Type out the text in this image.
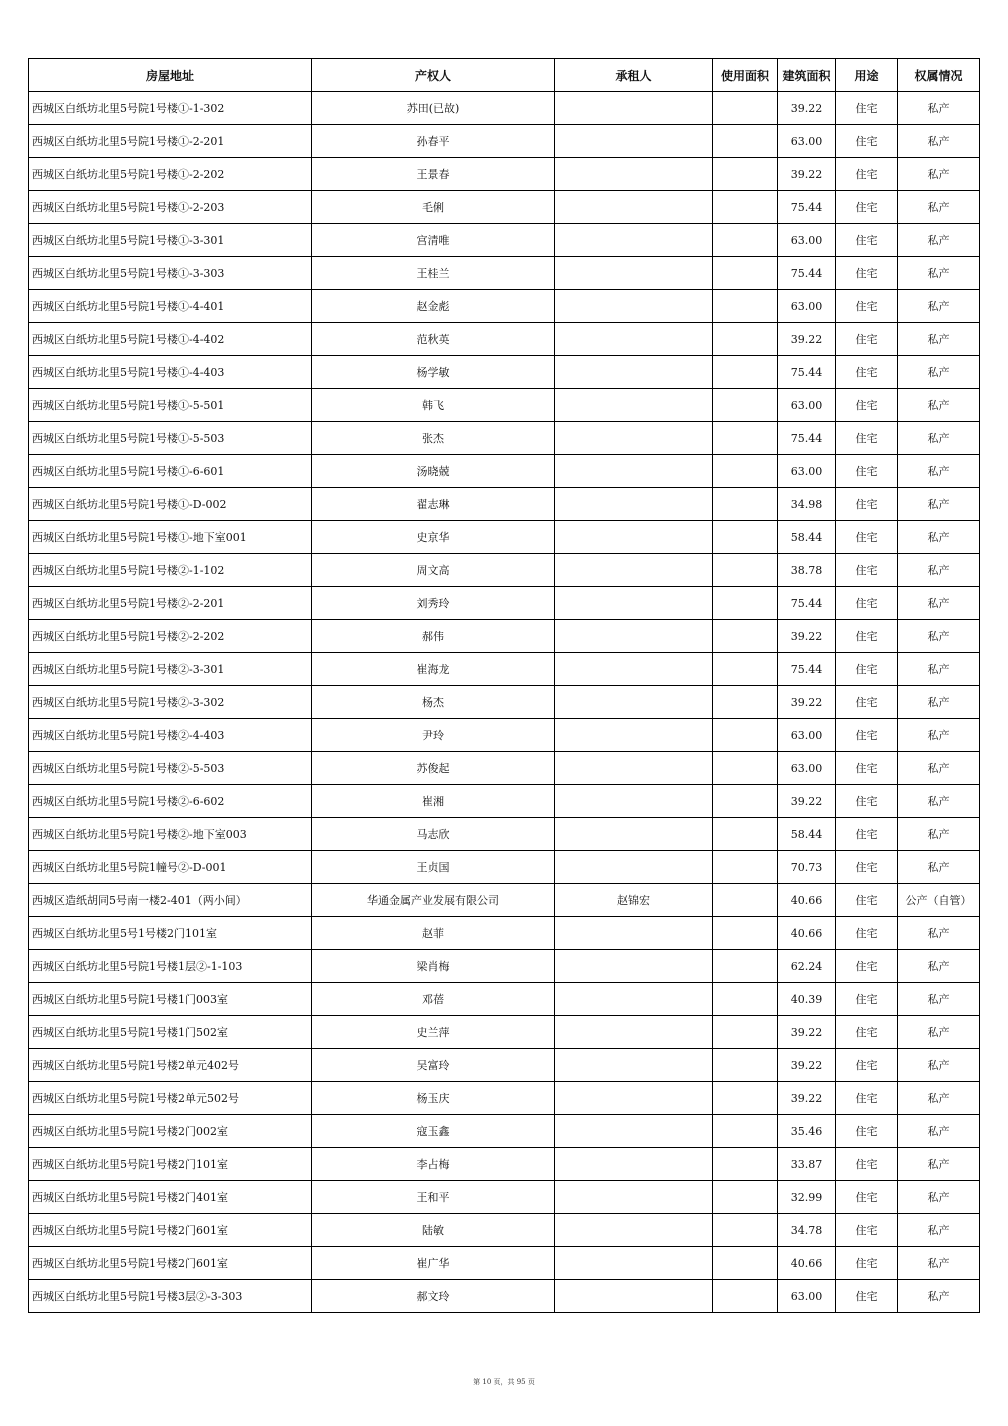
房屋地址	产权人	承租人	使用面积	建筑面积	用途	权属情况
西城区白纸坊北里5号院1号楼①-1-302	苏田(已故)			39.22	住宅	私产
西城区白纸坊北里5号院1号楼①-2-201	孙春平			63.00	住宅	私产
西城区白纸坊北里5号院1号楼①-2-202	王景春			39.22	住宅	私产
西城区白纸坊北里5号院1号楼①-2-203	毛俐			75.44	住宅	私产
西城区白纸坊北里5号院1号楼①-3-301	宫清唯			63.00	住宅	私产
西城区白纸坊北里5号院1号楼①-3-303	王桂兰			75.44	住宅	私产
西城区白纸坊北里5号院1号楼①-4-401	赵金彪			63.00	住宅	私产
西城区白纸坊北里5号院1号楼①-4-402	范秋英			39.22	住宅	私产
西城区白纸坊北里5号院1号楼①-4-403	杨学敏			75.44	住宅	私产
西城区白纸坊北里5号院1号楼①-5-501	韩飞			63.00	住宅	私产
西城区白纸坊北里5号院1号楼①-5-503	张杰			75.44	住宅	私产
西城区白纸坊北里5号院1号楼①-6-601	汤晓兢			63.00	住宅	私产
西城区白纸坊北里5号院1号楼①-D-002	翟志琳			34.98	住宅	私产
西城区白纸坊北里5号院1号楼①-地下室001	史京华			58.44	住宅	私产
西城区白纸坊北里5号院1号楼②-1-102	周文高			38.78	住宅	私产
西城区白纸坊北里5号院1号楼②-2-201	刘秀玲			75.44	住宅	私产
西城区白纸坊北里5号院1号楼②-2-202	郝伟			39.22	住宅	私产
西城区白纸坊北里5号院1号楼②-3-301	崔海龙			75.44	住宅	私产
西城区白纸坊北里5号院1号楼②-3-302	杨杰			39.22	住宅	私产
西城区白纸坊北里5号院1号楼②-4-403	尹玲			63.00	住宅	私产
西城区白纸坊北里5号院1号楼②-5-503	苏俊起			63.00	住宅	私产
西城区白纸坊北里5号院1号楼②-6-602	崔湘			39.22	住宅	私产
西城区白纸坊北里5号院1号楼②-地下室003	马志欣			58.44	住宅	私产
西城区白纸坊北里5号院1幢号②-D-001	王贞国			70.73	住宅	私产
西城区造纸胡同5号南一楼2-401（两小间）	华通金属产业发展有限公司	赵锦宏		40.66	住宅	公产（自管）
西城区白纸坊北里5号1号楼2门101室	赵菲			40.66	住宅	私产
西城区白纸坊北里5号院1号楼1层②-1-103	梁肖梅			62.24	住宅	私产
西城区白纸坊北里5号院1号楼1门003室	邓蓓			40.39	住宅	私产
西城区白纸坊北里5号院1号楼1门502室	史兰萍			39.22	住宅	私产
西城区白纸坊北里5号院1号楼2单元402号	吴富玲			39.22	住宅	私产
西城区白纸坊北里5号院1号楼2单元502号	杨玉庆			39.22	住宅	私产
西城区白纸坊北里5号院1号楼2门002室	寇玉鑫			35.46	住宅	私产
西城区白纸坊北里5号院1号楼2门101室	李占梅			33.87	住宅	私产
西城区白纸坊北里5号院1号楼2门401室	王和平			32.99	住宅	私产
西城区白纸坊北里5号院1号楼2门601室	陆敏			34.78	住宅	私产
西城区白纸坊北里5号院1号楼2门601室	崔广华			40.66	住宅	私产
西城区白纸坊北里5号院1号楼3层②-3-303	郝文玲			63.00	住宅	私产
第 10 页，共 95 页
